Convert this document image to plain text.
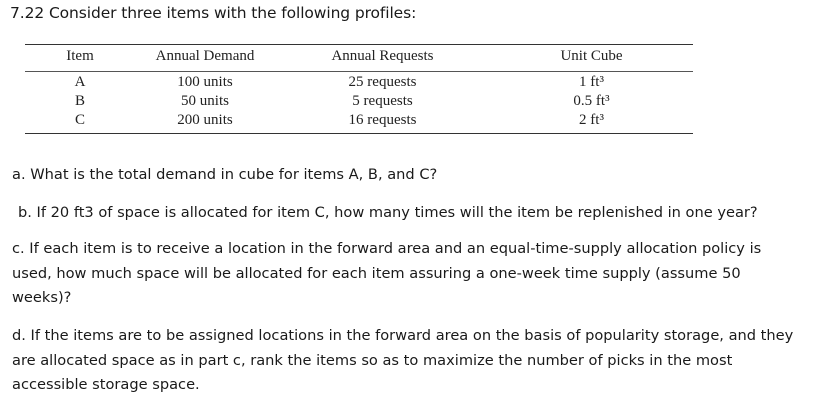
7.22 Consider three items with the following profiles:
Item	Annual Demand	Annual Requests	Unit Cube
A	100 units	25 requests	1 ft³
B	50 units	5 requests	0.5 ft³
C	200 units	16 requests	2 ft³
a. What is the total demand in cube for items A, B, and C?
b. If 20 ft3 of space is allocated for item C, how many times will the item be replenished in one year?
c. If each item is to receive a location in the forward area and an equal-time-supply allocation policy is used, how much space will be allocated for each item assuring a one-week time supply (assume 50 weeks)?
d. If the items are to be assigned locations in the forward area on the basis of popularity storage, and they are allocated space as in part c, rank the items so as to maximize the number of picks in the most accessible storage space.
